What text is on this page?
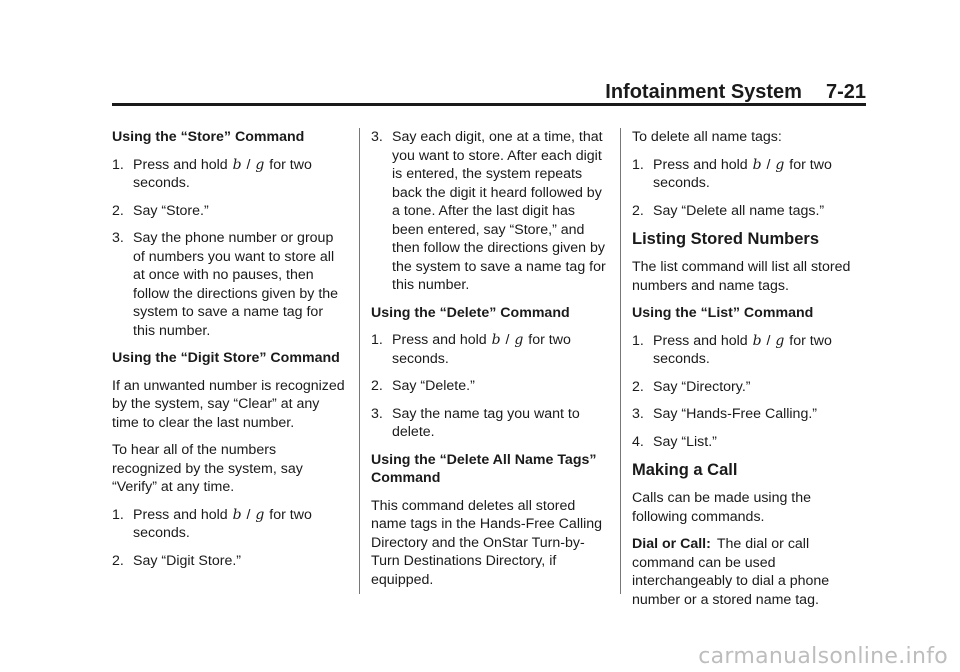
Infotainment System 7-21
Using the “Store” Command
1. Press and hold b / g for two seconds.
2. Say “Store.”
3. Say the phone number or group of numbers you want to store all at once with no pauses, then follow the directions given by the system to save a name tag for this number.
Using the “Digit Store” Command

If an unwanted number is recognized by the system, say “Clear” at any time to clear the last number.

To hear all of the numbers recognized by the system, say “Verify” at any time.

1. Press and hold b / g for two seconds.
2. Say “Digit Store.”
3. Say each digit, one at a time, that you want to store. After each digit is entered, the system repeats back the digit it heard followed by a tone. After the last digit has been entered, say “Store,” and then follow the directions given by the system to save a name tag for this number.
Using the “Delete” Command
1. Press and hold b / g for two seconds.
2. Say “Delete.”
3. Say the name tag you want to delete.
Using the “Delete All Name Tags” Command

This command deletes all stored name tags in the Hands-Free Calling Directory and the OnStar Turn-by-Turn Destinations Directory, if equipped.

To delete all name tags:

1. Press and hold b / g for two seconds.
2. Say “Delete all name tags.”
Listing Stored Numbers

The list command will list all stored numbers and name tags.

Using the “List” Command
1. Press and hold b / g for two seconds.
2. Say “Directory.”
3. Say “Hands-Free Calling.”
4. Say “List.”
Making a Call

Calls can be made using the following commands.

Dial or Call: The dial or call command can be used interchangeably to dial a phone number or a stored name tag.

carmanualsonline.info
